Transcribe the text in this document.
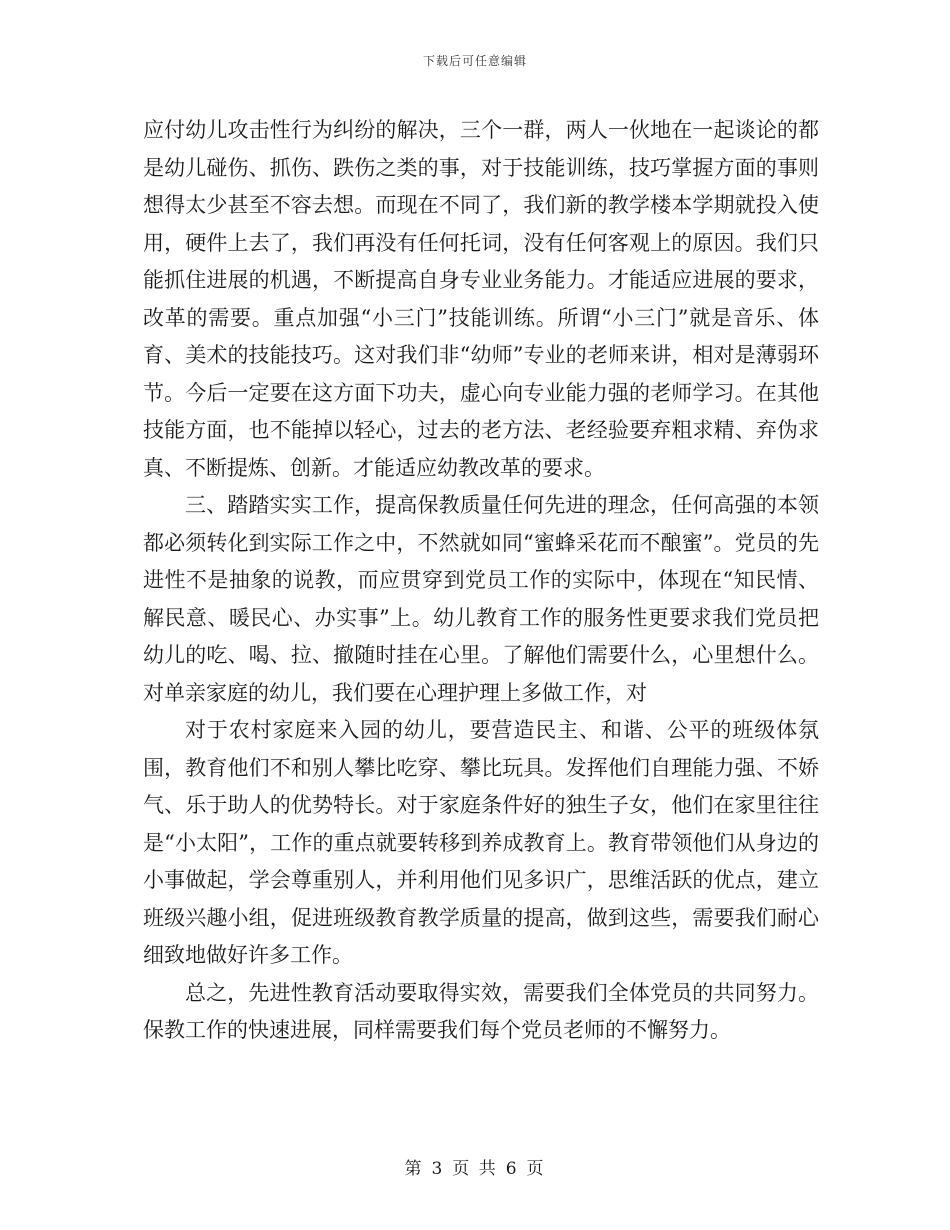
下载后可任意编辑

应付幼儿攻击性行为纠纷的解决，三个一群，两人一伙地在一起谈论的都是幼儿碰伤、抓伤、跌伤之类的事，对于技能训练，技巧掌握方面的事则想得太少甚至不容去想。而现在不同了，我们新的教学楼本学期就投入使用，硬件上去了，我们再没有任何托词，没有任何客观上的原因。我们只能抓住进展的机遇，不断提高自身专业业务能力。才能适应进展的要求，改革的需要。重点加强“小三门”技能训练。所谓“小三门”就是音乐、体育、美术的技能技巧。这对我们非“幼师”专业的老师来讲，相对是薄弱环节。今后一定要在这方面下功夫，虚心向专业能力强的老师学习。在其他技能方面，也不能掉以轻心，过去的老方法、老经验要弃粗求精、弃伪求真、不断提炼、创新。才能适应幼教改革的要求。

三、踏踏实实工作，提高保教质量任何先进的理念，任何高强的本领都必须转化到实际工作之中，不然就如同“蜜蜂采花而不酿蜜”。党员的先进性不是抽象的说教，而应贯穿到党员工作的实际中，体现在“知民情、解民意、暖民心、办实事”上。幼儿教育工作的服务性更要求我们党员把幼儿的吃、喝、拉、撤随时挂在心里。了解他们需要什么，心里想什么。对单亲家庭的幼儿，我们要在心理护理上多做工作，对

对于农村家庭来入园的幼儿，要营造民主、和谐、公平的班级体氛围，教育他们不和别人攀比吃穿、攀比玩具。发挥他们自理能力强、不娇气、乐于助人的优势特长。对于家庭条件好的独生子女，他们在家里往往是“小太阳”，工作的重点就要转移到养成教育上。教育带领他们从身边的小事做起，学会尊重别人，并利用他们见多识广，思维活跃的优点，建立班级兴趣小组，促进班级教育教学质量的提高，做到这些，需要我们耐心细致地做好许多工作。

总之，先进性教育活动要取得实效，需要我们全体党员的共同努力。保教工作的快速进展，同样需要我们每个党员老师的不懈努力。

第 3 页 共 6 页
